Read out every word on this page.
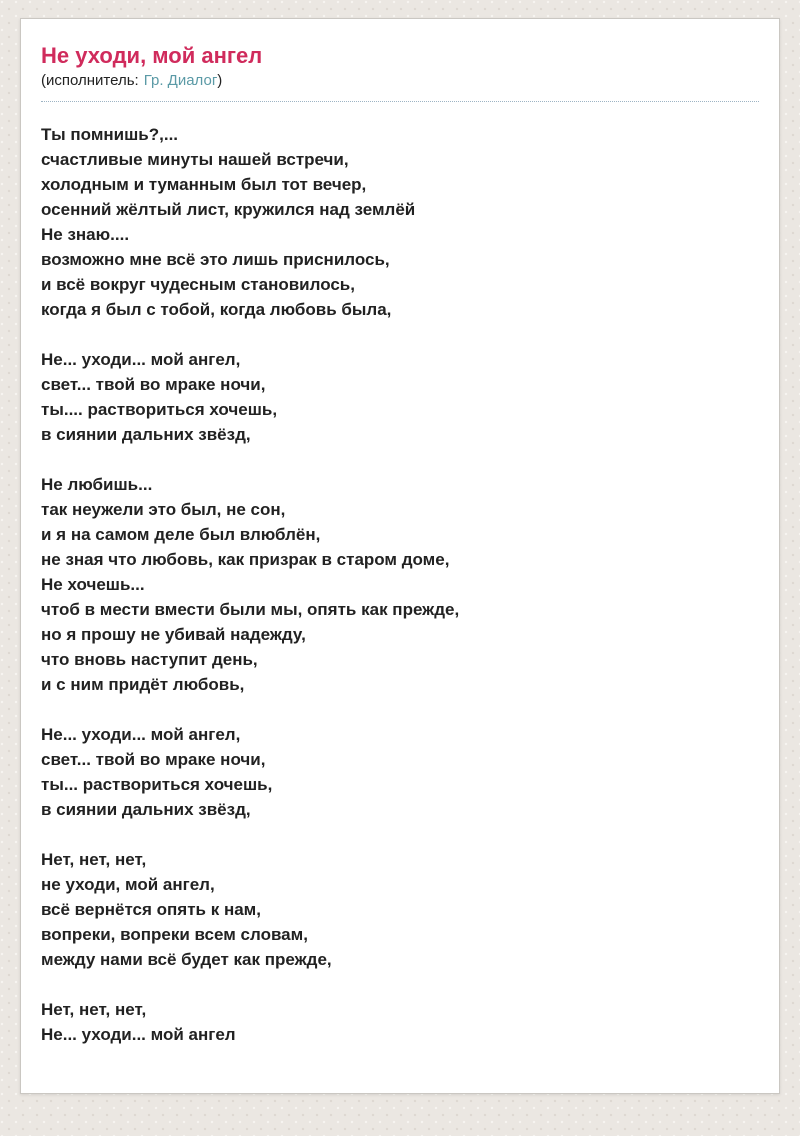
Не уходи, мой ангел
(исполнитель: Гр. Диалог)
Ты помнишь?,...
счастливые минуты нашей встречи,
холодным и туманным был тот вечер,
осенний жёлтый лист, кружился над землёй
Не знаю....
возможно мне всё это лишь приснилось,
и всё вокруг чудесным становилось,
когда я был с тобой, когда любовь была,
Не... уходи... мой ангел,
свет... твой во мраке ночи,
ты.... раствориться хочешь,
в сиянии дальних звёзд,
Не любишь...
так неужели это был, не сон,
и я на самом деле был влюблён,
не зная что любовь, как призрак в старом доме,
Не хочешь...
чтоб в мести вмести были мы, опять как прежде,
но я прошу не убивай надежду,
что вновь наступит день,
и с ним придёт любовь,
Не... уходи... мой ангел,
свет... твой во мраке ночи,
ты... раствориться хочешь,
в сиянии дальних звёзд,
Нет, нет, нет,
не уходи, мой ангел,
всё вернётся опять к нам,
вопреки, вопреки всем словам,
между нами всё будет как прежде,
Нет, нет, нет,
Не... уходи... мой ангел
